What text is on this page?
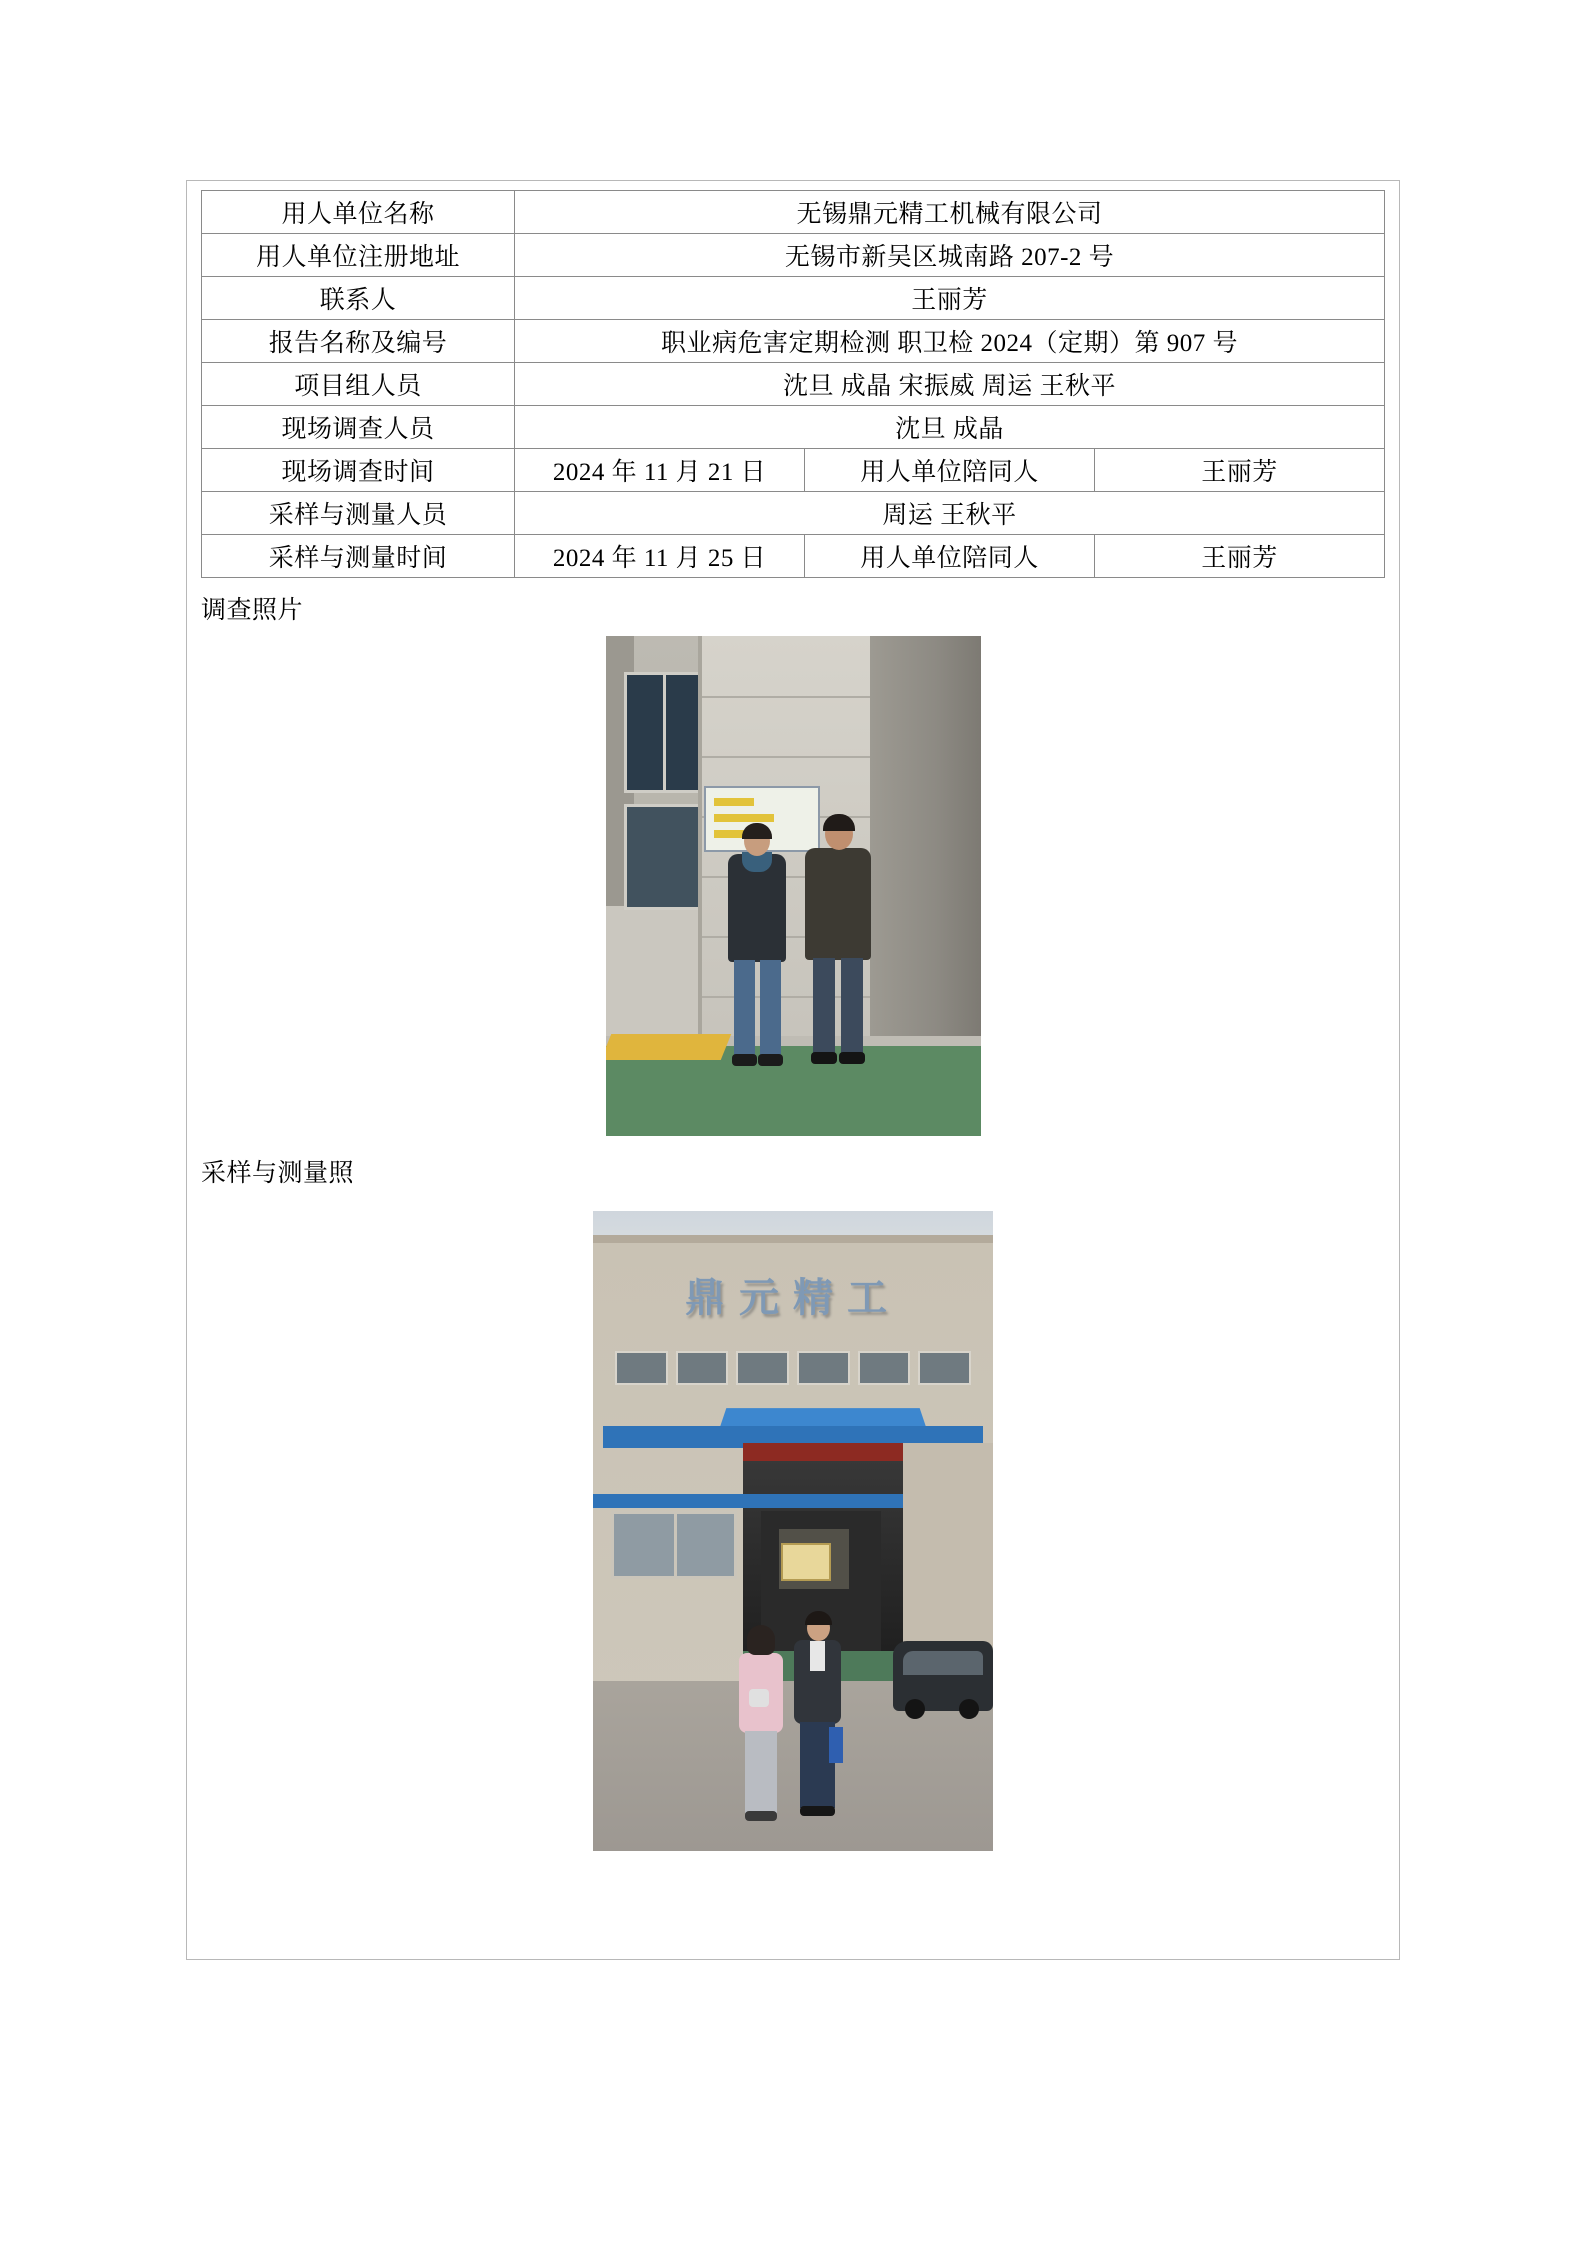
用人单位名称	无锡鼎元精工机械有限公司		
用人单位注册地址	无锡市新吴区城南路 207-2 号		
联系人	王丽芳		
报告名称及编号	职业病危害定期检测 职卫检 2024（定期）第 907 号		
项目组人员	沈旦 成晶 宋振威 周运 王秋平		
现场调查人员	沈旦 成晶		
现场调查时间	2024 年 11 月 21 日	用人单位陪同人	王丽芳
采样与测量人员	周运 王秋平		
采样与测量时间	2024 年 11 月 25 日	用人单位陪同人	王丽芳
调查照片
采样与测量照
鼎元精工
